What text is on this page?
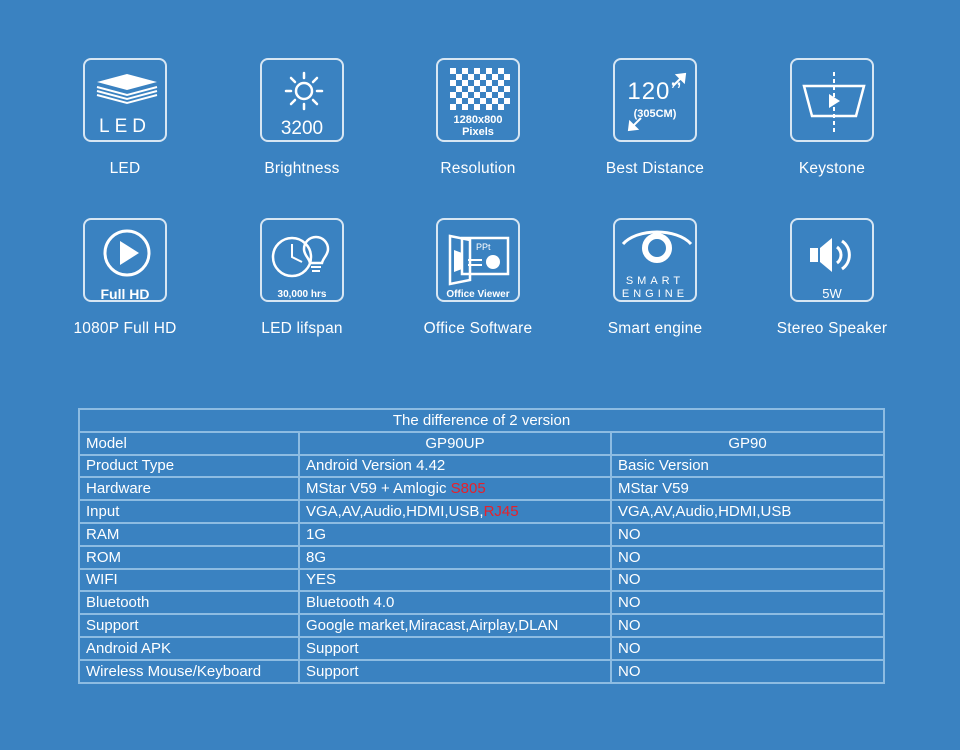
LED
LED
3200
Brightness
1280x800
Pixels
Resolution
120’’
(305CM)
Best Distance	Keystone
Full HD
1080P Full HD
30,000 hrs
LED lifspan
PPt
Office Viewer
Office Software
SMART
ENGINE
Smart engine
5W
Stereo Speaker
The difference of 2 version		
Model	GP90UP	GP90
Product Type	Android Version 4.42	Basic Version
Hardware	MStar V59 + Amlogic S805	MStar V59
Input	VGA,AV,Audio,HDMI,USB,RJ45	VGA,AV,Audio,HDMI,USB
RAM	1G	NO
ROM	8G	NO
WIFI	YES	NO
Bluetooth	Bluetooth 4.0	NO
Support	Google market,Miracast,Airplay,DLAN	NO
Android APK	Support	NO
Wireless Mouse/Keyboard	Support	NO
